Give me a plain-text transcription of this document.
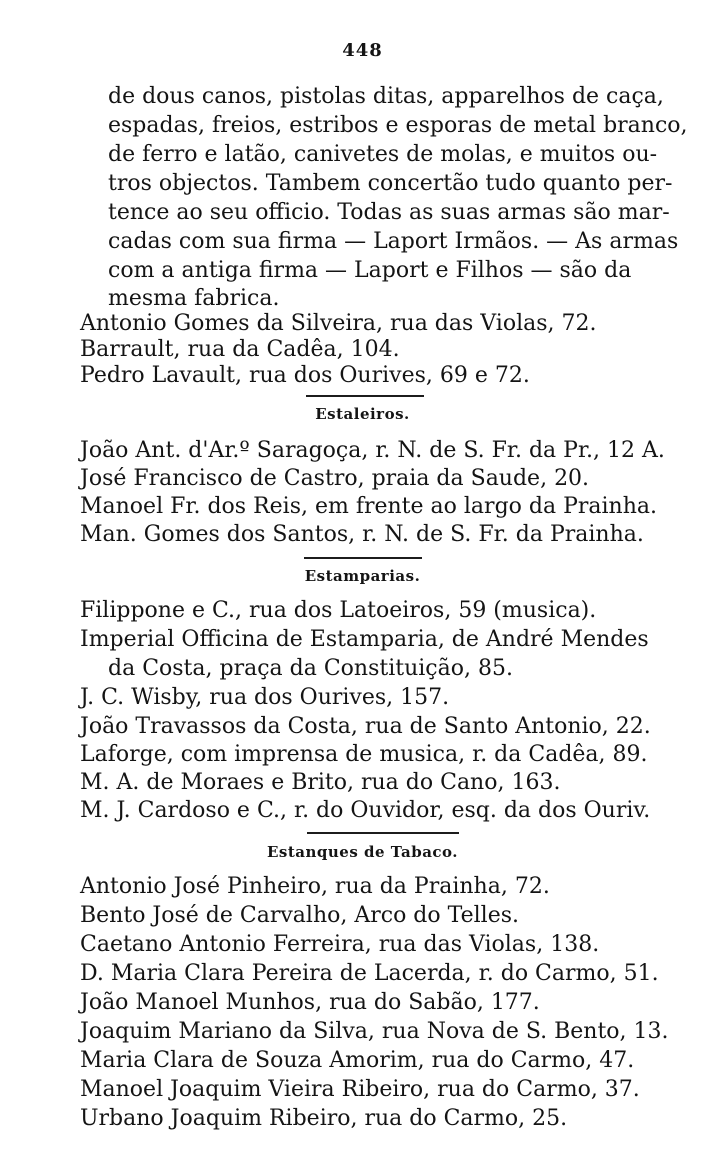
448
de dous canos, pistolas ditas, apparelhos de caça,
espadas, freios, estribos e esporas de metal branco,
de ferro e latão, canivetes de molas, e muitos ou-
tros objectos. Tambem concertão tudo quanto per-
tence ao seu officio. Todas as suas armas são mar-
cadas com sua firma — Laport Irmãos. — As armas
com a antiga firma — Laport e Filhos — são da
mesma fabrica.
Antonio Gomes da Silveira, rua das Violas, 72.
Barrault, rua da Cadêa, 104.
Pedro Lavault, rua dos Ourives, 69 e 72.
Estaleiros.
João Ant. d'Ar.º Saragoça, r. N. de S. Fr. da Pr., 12 A.
José Francisco de Castro, praia da Saude, 20.
Manoel Fr. dos Reis, em frente ao largo da Prainha.
Man. Gomes dos Santos, r. N. de S. Fr. da Prainha.
Estamparias.
Filippone e C., rua dos Latoeiros, 59 (musica).
Imperial Officina de Estamparia, de André Mendes
da Costa, praça da Constituição, 85.
J. C. Wisby, rua dos Ourives, 157.
João Travassos da Costa, rua de Santo Antonio, 22.
Laforge, com imprensa de musica, r. da Cadêa, 89.
M. A. de Moraes e Brito, rua do Cano, 163.
M. J. Cardoso e C., r. do Ouvidor, esq. da dos Ouriv.
Estanques de Tabaco.
Antonio José Pinheiro, rua da Prainha, 72.
Bento José de Carvalho, Arco do Telles.
Caetano Antonio Ferreira, rua das Violas, 138.
D. Maria Clara Pereira de Lacerda, r. do Carmo, 51.
João Manoel Munhos, rua do Sabão, 177.
Joaquim Mariano da Silva, rua Nova de S. Bento, 13.
Maria Clara de Souza Amorim, rua do Carmo, 47.
Manoel Joaquim Vieira Ribeiro, rua do Carmo, 37.
Urbano Joaquim Ribeiro, rua do Carmo, 25.
